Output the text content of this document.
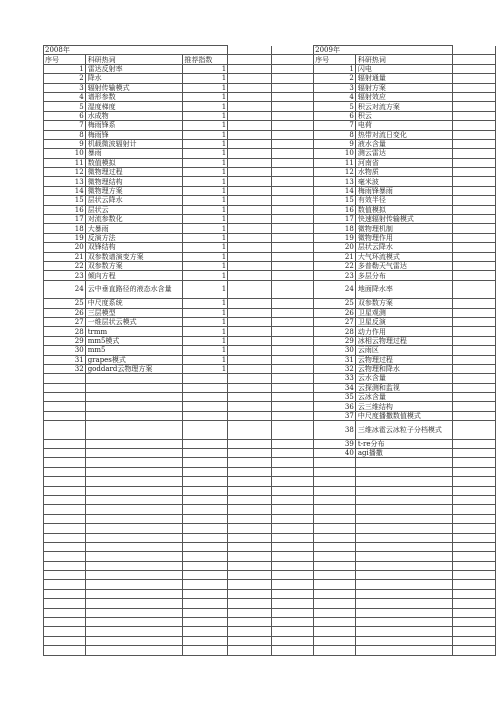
2008年					2009年		
序号	科研热词	推荐指数			序号	科研热词	
1	雷达反射率	1			1	闪电	
2	降水	1			2	辐射通量	
3	辐射传输模式	1			3	辐射方案	
4	谱形参数	1			4	辐射效应	
5	湿度梯度	1			5	积云对流方案	
6	水成物	1			6	积云	
7	梅雨锋系	1			7	电荷	
8	梅雨锋	1			8	热带对流日变化	
9	机载微波辐射计	1			9	液水含量	
10	暴雨	1			10	测云雷达	
11	数值模拟	1			11	河南省	
12	微物理过程	1			12	水物质	
13	微物理结构	1			13	毫米波	
14	微物理方案	1			14	梅雨锋暴雨	
15	层状云降水	1			15	有效半径	
16	层状云	1			16	数值模拟	
17	对流参数化	1			17	快速辐射传输模式	
18	大暴雨	1			18	微物理机制	
19	反演方法	1			19	微物理作用	
20	双锋结构	1			20	层状云降水	
21	双参数谱演变方案	1			21	大气环流模式	
22	双参数方案	1			22	多普勒天气雷达	
23	倾向方程	1			23	多层分布	
24	云中垂直路径的液态水含量	1			24	地面降水率	
25	中尺度系统	1			25	双参数方案	
26	三层模型	1			26	卫星观测	
27	一维层状云模式	1			27	卫星反演	
28	trmm	1			28	动力作用	
29	mm5模式	1			29	冰相云物理过程	
30	mm5	1			30	云雨区	
31	grapes模式	1			31	云物理过程	
32	goddard云物理方案	1			32	云物理和降水	
					33	云水含量	
					34	云探测和监视	
					35	云冰含量	
					36	云三维结构	
					37	中尺度播撒数值模式	
					38	三维冰雹云冰粒子分档模式	
					39	t-re分布	
					40	agi播撒	
